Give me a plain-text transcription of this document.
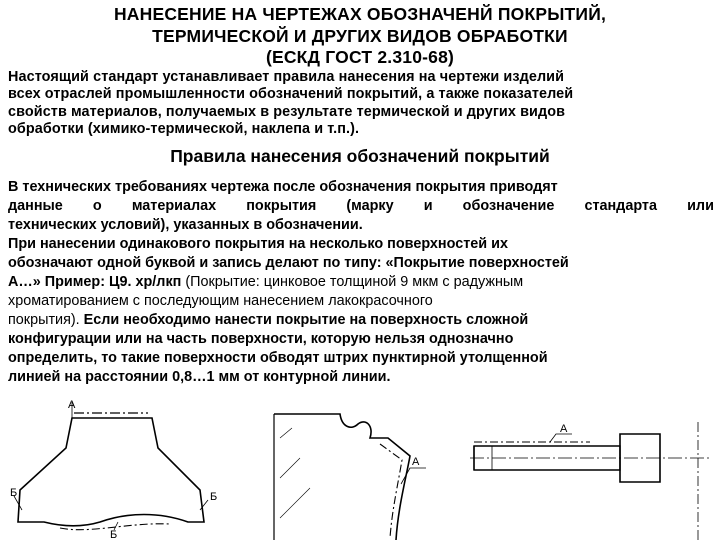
НАНЕСЕНИЕ НА ЧЕРТЕЖАХ ОБОЗНАЧЕНЙ ПОКРЫТИЙ,
ТЕРМИЧЕСКОЙ И ДРУГИХ ВИДОВ ОБРАБОТКИ
(ЕСКД ГОСТ 2.310-68)
Настоящий стандарт устанавливает правила нанесения на чертежи изделий
всех отраслей промышленности обозначений покрытий, а также показателей
свойств материалов, получаемых в результате термической и других видов
обработки (химико-термической, наклепа и т.п.).
Правила нанесения обозначений покрытий
В технических требованиях чертежа после обозначения покрытия приводят
данные о материалах покрытия (марку и обозначение стандарта или
технических условий), указанных в обозначении.
При нанесении одинакового покрытия на несколько поверхностей их
обозначают одной буквой и запись делают по типу: «Покрытие поверхностей
А…» Пример: Ц9. хр/лкп (Покрытие: цинковое толщиной 9 мкм с радужным
хроматированием с последующим нанесением лакокрасочного
покрытия). Если необходимо нанести покрытие на поверхность сложной
конфигурации или на часть поверхности, которую нельзя однозначно
определить, то такие поверхности обводят штрих пунктирной утолщенной
линией на расстоянии 0,8…1 мм от контурной линии.
А
Б	Б
Б
А
А
